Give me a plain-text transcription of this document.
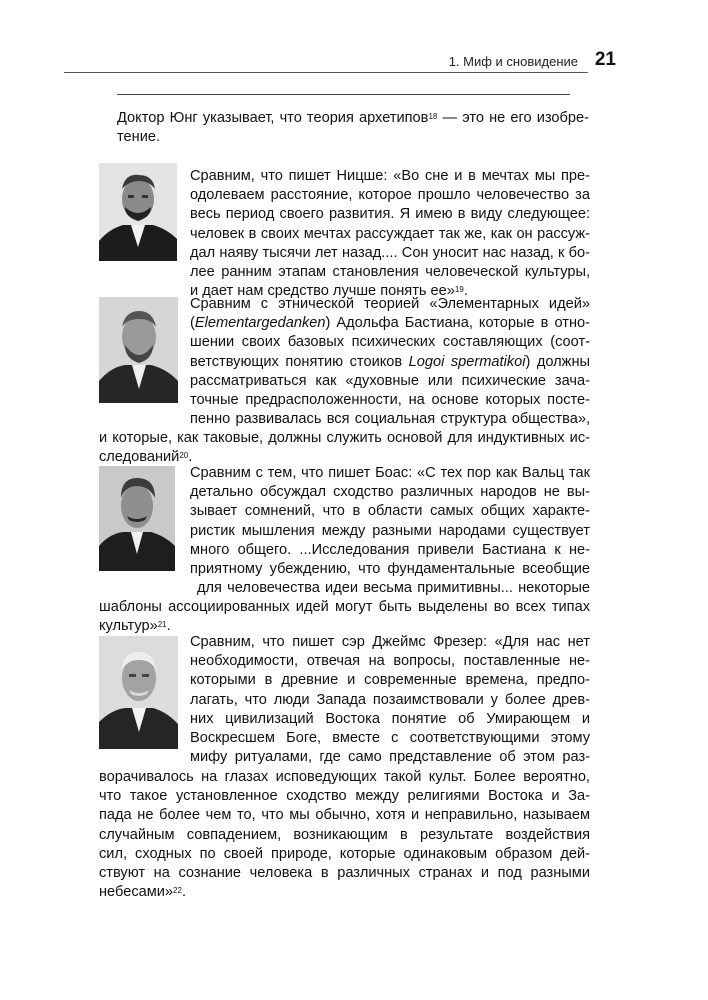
1. Миф и сновидение 21
Доктор Юнг указывает, что теория архетипов$^{18}$ — это не его изобре-
тение.
Сравним, что пишет Ницше: «Во сне и в мечтах мы пре-
одолеваем расстояние, которое прошло человечество за
весь период своего развития. Я имею в виду следующее:
человек в своих мечтах рассуждает так же, как он рассуж-
дал наяву тысячи лет назад.... Сон уносит нас назад, к бо-
лее ранним этапам становления человеческой культуры,
и дает нам средство лучше понять ее»$^{19}$.
Сравним с этнической теорией «Элементарных идей»
(Elementargedanken) Адольфа Бастиана, которые в отно-
шении своих базовых психических составляющих (соот-
ветствующих понятию стоиков Logoi spermatikoi) должны
рассматриваться как «духовные или психические зача-
точные предрасположенности, на основе которых посте-
пенно развивалась вся социальная структура общества»,
и которые, как таковые, должны служить основой для индуктивных ис-
следований$^{20}$.
Сравним с тем, что пишет Боас: «С тех пор как Вальц так
детально обсуждал сходство различных народов не вы-
зывает сомнений, что в области самых общих характе-
ристик мышления между разными народами существует
много общего. ...Исследования привели Бастиана к не-
приятному убеждению, что фундаментальные всеобщие
для человечества идеи весьма примитивны... некоторые
шаблоны ассоциированных идей могут быть выделены во всех типах
культур»$^{21}$.
Сравним, что пишет сэр Джеймс Фрезер: «Для нас нет
необходимости, отвечая на вопросы, поставленные не-
которыми в древние и современные времена, предпо-
лагать, что люди Запада позаимствовали у более древ-
них цивилизаций Востока понятие об Умирающем и
Воскресшем Боге, вместе с соответствующими этому
мифу ритуалами, где само представление об этом раз-
ворачивалось на глазах исповедующих такой культ. Более вероятно,
что такое установленное сходство между религиями Востока и За-
пада не более чем то, что мы обычно, хотя и неправильно, называем
случайным совпадением, возникающим в результате воздействия
сил, сходных по своей природе, которые одинаковым образом дей-
ствуют на сознание человека в различных странах и под разными
небесами»$^{22}$.
